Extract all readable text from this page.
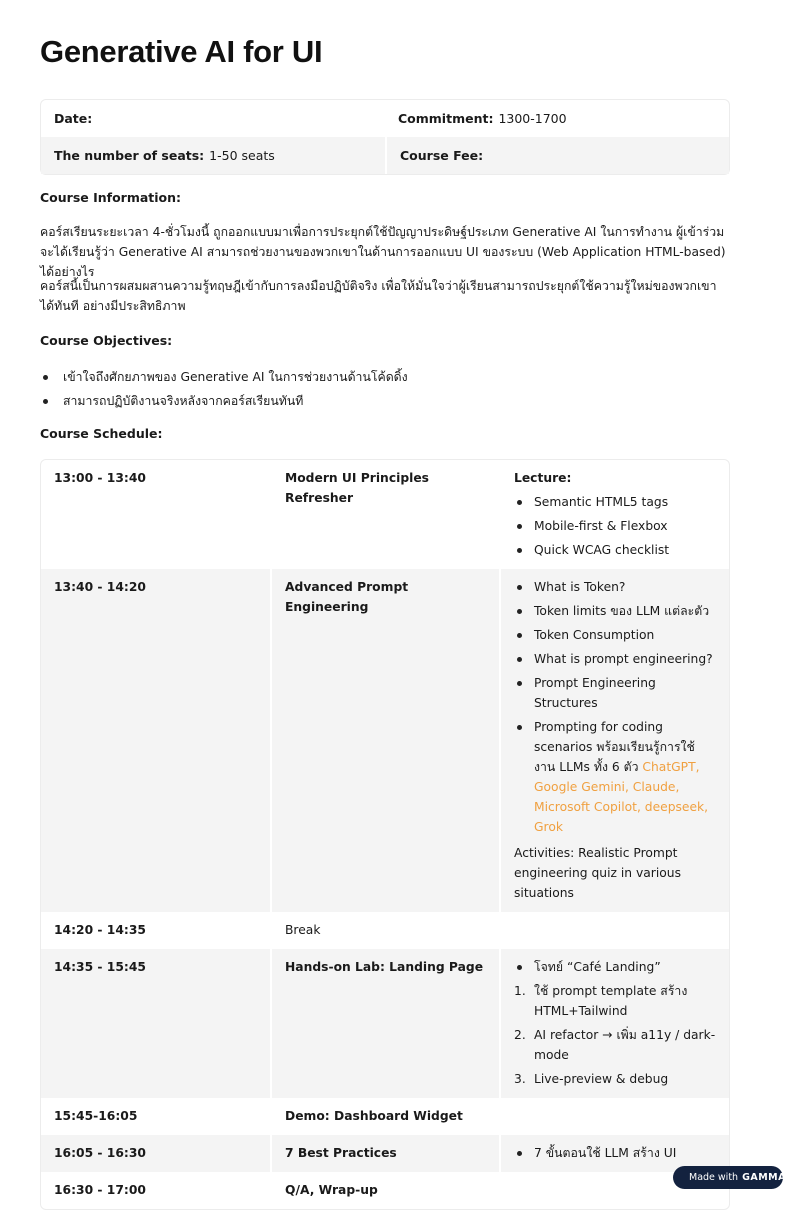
Generative AI for UI
Date:	Commitment: 1300-1700
The number of seats: 1-50 seats	Course Fee:
Course Information:

คอร์สเรียนระยะเวลา 4-ชั่วโมงนี้ ถูกออกแบบมาเพื่อการประยุกต์ใช้ปัญญาประดิษฐ์ประเภท Generative AI ในการทำงาน ผู้เข้าร่วมจะได้เรียนรู้ว่า Generative AI สามารถช่วยงานของพวกเขาในด้านการออกแบบ UI ของระบบ (Web Application HTML-based) ได้อย่างไร

คอร์สนี้เป็นการผสมผสานความรู้ทฤษฎีเข้ากับการลงมือปฏิบัติจริง เพื่อให้มั่นใจว่าผู้เรียนสามารถประยุกต์ใช้ความรู้ใหม่ของพวกเขาได้ทันที อย่างมีประสิทธิภาพ

Course Objectives:
เข้าใจถึงศักยภาพของ Generative AI ในการช่วยงานด้านโค้ดดิ้ง
สามารถปฏิบัติงานจริงหลังจากคอร์สเรียนทันที
Course Schedule:
13:00 - 13:40	Modern UI Principles Refresher
Lecture:
Semantic HTML5 tags
Mobile-first & Flexbox
Quick WCAG checklist
13:40 - 14:20	Advanced Prompt Engineering
What is Token?
Token limits ของ LLM แต่ละตัว
Token Consumption
What is prompt engineering?
Prompt Engineering Structures
Prompting for coding scenarios พร้อมเรียนรู้การใช้งาน LLMs ทั้ง 6 ตัว ChatGPT, Google Gemini, Claude, Microsoft Copilot, deepseek, Grok
Activities: Realistic Prompt engineering quiz in various situations
14:20 - 14:35	Break
14:35 - 15:45	Hands-on Lab: Landing Page	โจทย์ “Café Landing”
1. ใช้ prompt template สร้าง HTML+Tailwind
2. AI refactor → เพิ่ม a11y / dark-mode
3. Live-preview & debug
15:45-16:05	Demo: Dashboard Widget
16:05 - 16:30	7 Best Practices	7 ขั้นตอนใช้ LLM สร้าง UI
16:30 - 17:00	Q/A, Wrap-up
Made with GAMMA
